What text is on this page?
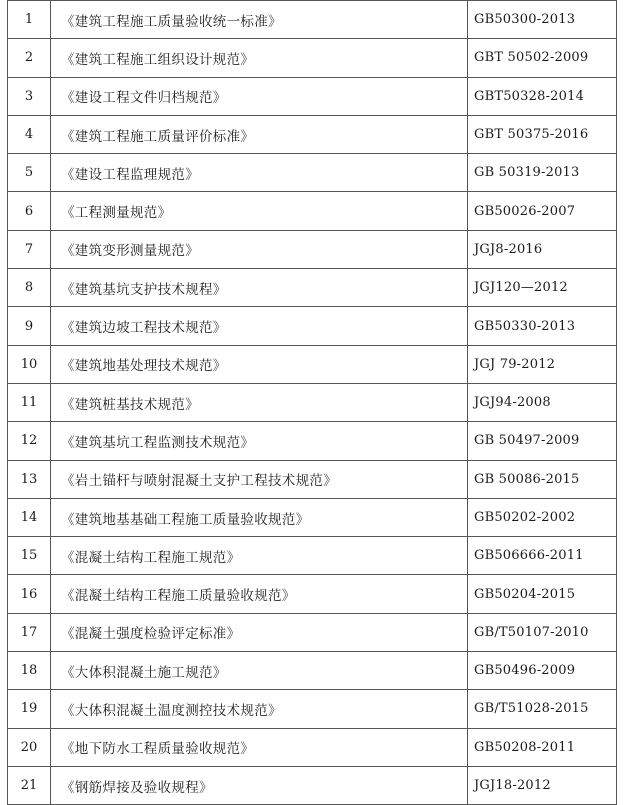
1	《建筑工程施工质量验收统一标准》	GB50300-2013
2	《建筑工程施工组织设计规范》	GBT 50502-2009
3	《建设工程文件归档规范》	GBT50328-2014
4	《建筑工程施工质量评价标准》	GBT 50375-2016
5	《建设工程监理规范》	GB 50319-2013
6	《工程测量规范》	GB50026-2007
7	《建筑变形测量规范》	JGJ8-2016
8	《建筑基坑支护技术规程》	JGJ120—2012
9	《建筑边坡工程技术规范》	GB50330-2013
10	《建筑地基处理技术规范》	JGJ 79-2012
11	《建筑桩基技术规范》	JGJ94-2008
12	《建筑基坑工程监测技术规范》	GB 50497-2009
13	《岩土锚杆与喷射混凝土支护工程技术规范》	GB 50086-2015
14	《建筑地基基础工程施工质量验收规范》	GB50202-2002
15	《混凝土结构工程施工规范》	GB506666-2011
16	《混凝土结构工程施工质量验收规范》	GB50204-2015
17	《混凝土强度检验评定标准》	GB/T50107-2010
18	《大体积混凝土施工规范》	GB50496-2009
19	《大体积混凝土温度测控技术规范》	GB/T51028-2015
20	《地下防水工程质量验收规范》	GB50208-2011
21	《钢筋焊接及验收规程》	JGJ18-2012
